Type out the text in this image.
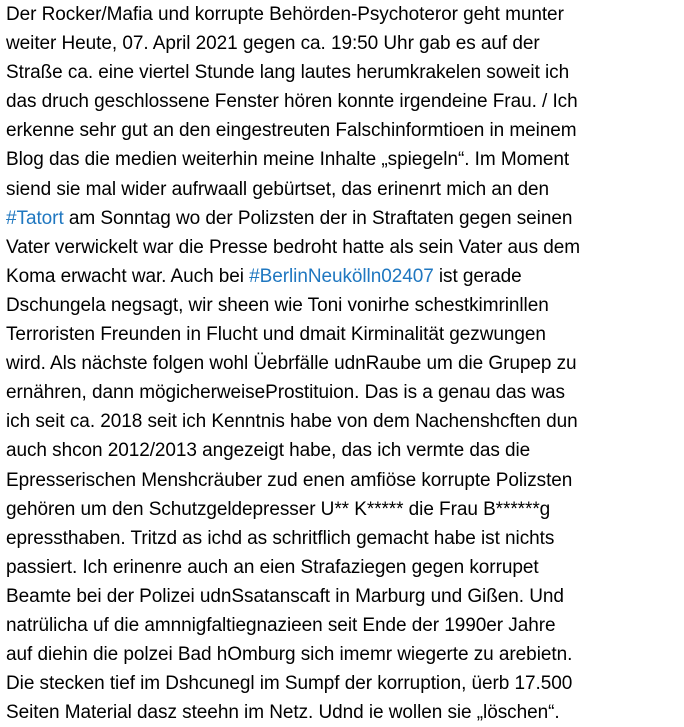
Der Rocker/Mafia und korrupte Behörden-Psychoteror geht munter
weiter Heute, 07. April 2021 gegen ca. 19:50 Uhr gab es auf der
Straße ca. eine viertel Stunde lang lautes herumkrakelen soweit ich
das druch geschlossene Fenster hören konnte irgendeine Frau. / Ich
erkenne sehr gut an den eingestreuten Falschinformtioen in meinem
Blog das die medien weiterhin meine Inhalte „spiegeln“. Im Moment
siend sie mal wider aufrwaall gebürtset, das erinenrt mich an den
#Tatort am Sonntag wo der Polizsten der in Straftaten gegen seinen
Vater verwickelt war die Presse bedroht hatte als sein Vater aus dem
Koma erwacht war. Auch bei #BerlinNeukölln02407 ist gerade
Dschungela negsagt, wir sheen wie Toni vonirhe schestkimrinllen
Terroristen Freunden in Flucht und dmait Kirminalität gezwungen
wird. Als nächste folgen wohl Üebrfälle udnRaube um die Grupep zu
ernähren, dann mögicherweiseProstituion. Das is a genau das was
ich seit ca. 2018 seit ich Kenntnis habe von dem Nachenshcften dun
auch shcon 2012/2013 angezeigt habe, das ich vermte das die
Epresserischen Menshcräuber zud enen amfiöse korrupte Polizsten
gehören um den Schutzgeldepresser U** K***** die Frau B******g
epressthaben. Tritzd as ichd as schritflich gemacht habe ist nichts
passiert. Ich erinenre auch an eien Strafaziegen gegen korrupet
Beamte bei der Polizei udnSsatanscaft in Marburg und Gißen. Und
natrülicha uf die amnnigfaltiegnazieen seit Ende der 1990er Jahre
auf diehin die polzei Bad hOmburg sich imemr wiegerte zu arebietn.
Die stecken tief im Dshcunegl im Sumpf der korruption, üerb 17.500
Seiten Material dasz steehn im Netz. Udnd ie wollen sie „löschen“.
